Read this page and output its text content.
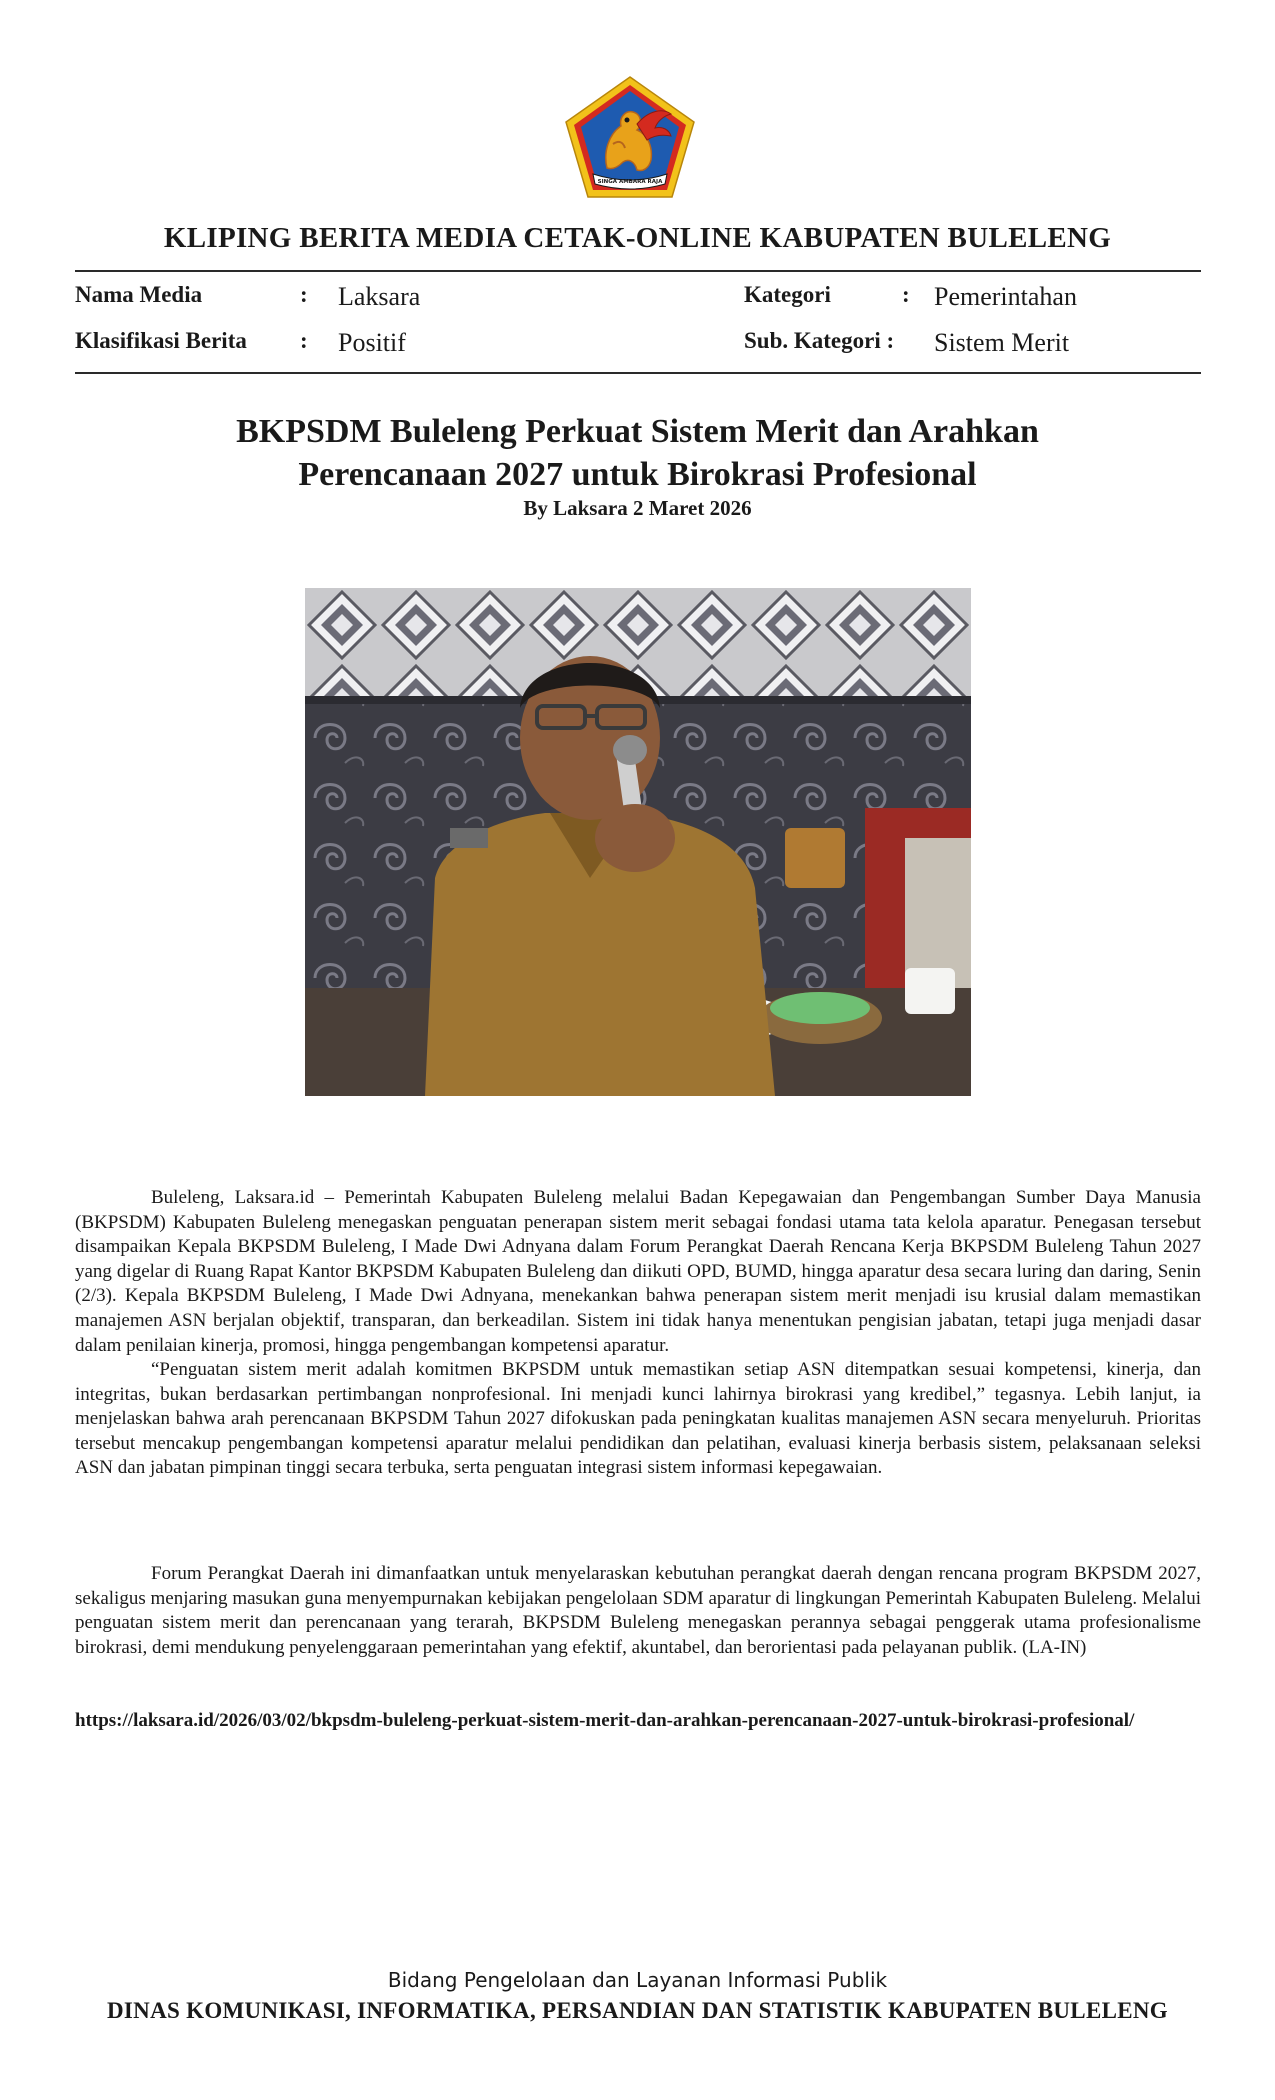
SINGA AMBARA RAJA
KLIPING BERITA MEDIA CETAK-ONLINE KABUPATEN BULELENG
Nama Media	: Laksara
Klasifikasi Berita : Positif
Kategori	: Pemerintahan
Sub. Kategori : Sistem Merit
BKPSDM Buleleng Perkuat Sistem Merit dan Arahkan
Perencanaan 2027 untuk Birokrasi Profesional
By Laksara 2 Maret 2026
Buleleng, Laksara.id – Pemerintah Kabupaten Buleleng melalui Badan Kepegawaian dan Pengembangan Sumber Daya Manusia (BKPSDM) Kabupaten Buleleng menegaskan penguatan penerapan sistem merit sebagai fondasi utama tata kelola aparatur. Penegasan tersebut disampaikan Kepala BKPSDM Buleleng, I Made Dwi Adnyana dalam Forum Perangkat Daerah Rencana Kerja BKPSDM Buleleng Tahun 2027 yang digelar di Ruang Rapat Kantor BKPSDM Kabupaten Buleleng dan diikuti OPD, BUMD, hingga aparatur desa secara luring dan daring, Senin (2/3). Kepala BKPSDM Buleleng, I Made Dwi Adnyana, menekankan bahwa penerapan sistem merit menjadi isu krusial dalam memastikan manajemen ASN berjalan objektif, transparan, dan berkeadilan. Sistem ini tidak hanya menentukan pengisian jabatan, tetapi juga menjadi dasar dalam penilaian kinerja, promosi, hingga pengembangan kompetensi aparatur.
“Penguatan sistem merit adalah komitmen BKPSDM untuk memastikan setiap ASN ditempatkan sesuai kompetensi, kinerja, dan integritas, bukan berdasarkan pertimbangan nonprofesional. Ini menjadi kunci lahirnya birokrasi yang kredibel,” tegasnya. Lebih lanjut, ia menjelaskan bahwa arah perencanaan BKPSDM Tahun 2027 difokuskan pada peningkatan kualitas manajemen ASN secara menyeluruh. Prioritas tersebut mencakup pengembangan kompetensi aparatur melalui pendidikan dan pelatihan, evaluasi kinerja berbasis sistem, pelaksanaan seleksi ASN dan jabatan pimpinan tinggi secara terbuka, serta penguatan integrasi sistem informasi kepegawaian.
Forum Perangkat Daerah ini dimanfaatkan untuk menyelaraskan kebutuhan perangkat daerah dengan rencana program BKPSDM 2027, sekaligus menjaring masukan guna menyempurnakan kebijakan pengelolaan SDM aparatur di lingkungan Pemerintah Kabupaten Buleleng. Melalui penguatan sistem merit dan perencanaan yang terarah, BKPSDM Buleleng menegaskan perannya sebagai penggerak utama profesionalisme birokrasi, demi mendukung penyelenggaraan pemerintahan yang efektif, akuntabel, dan berorientasi pada pelayanan publik. (LA-IN)
https://laksara.id/2026/03/02/bkpsdm-buleleng-perkuat-sistem-merit-dan-arahkan-perencanaan-2027-untuk-birokrasi-profesional/
Bidang Pengelolaan dan Layanan Informasi Publik
DINAS KOMUNIKASI, INFORMATIKA, PERSANDIAN DAN STATISTIK KABUPATEN BULELENG
